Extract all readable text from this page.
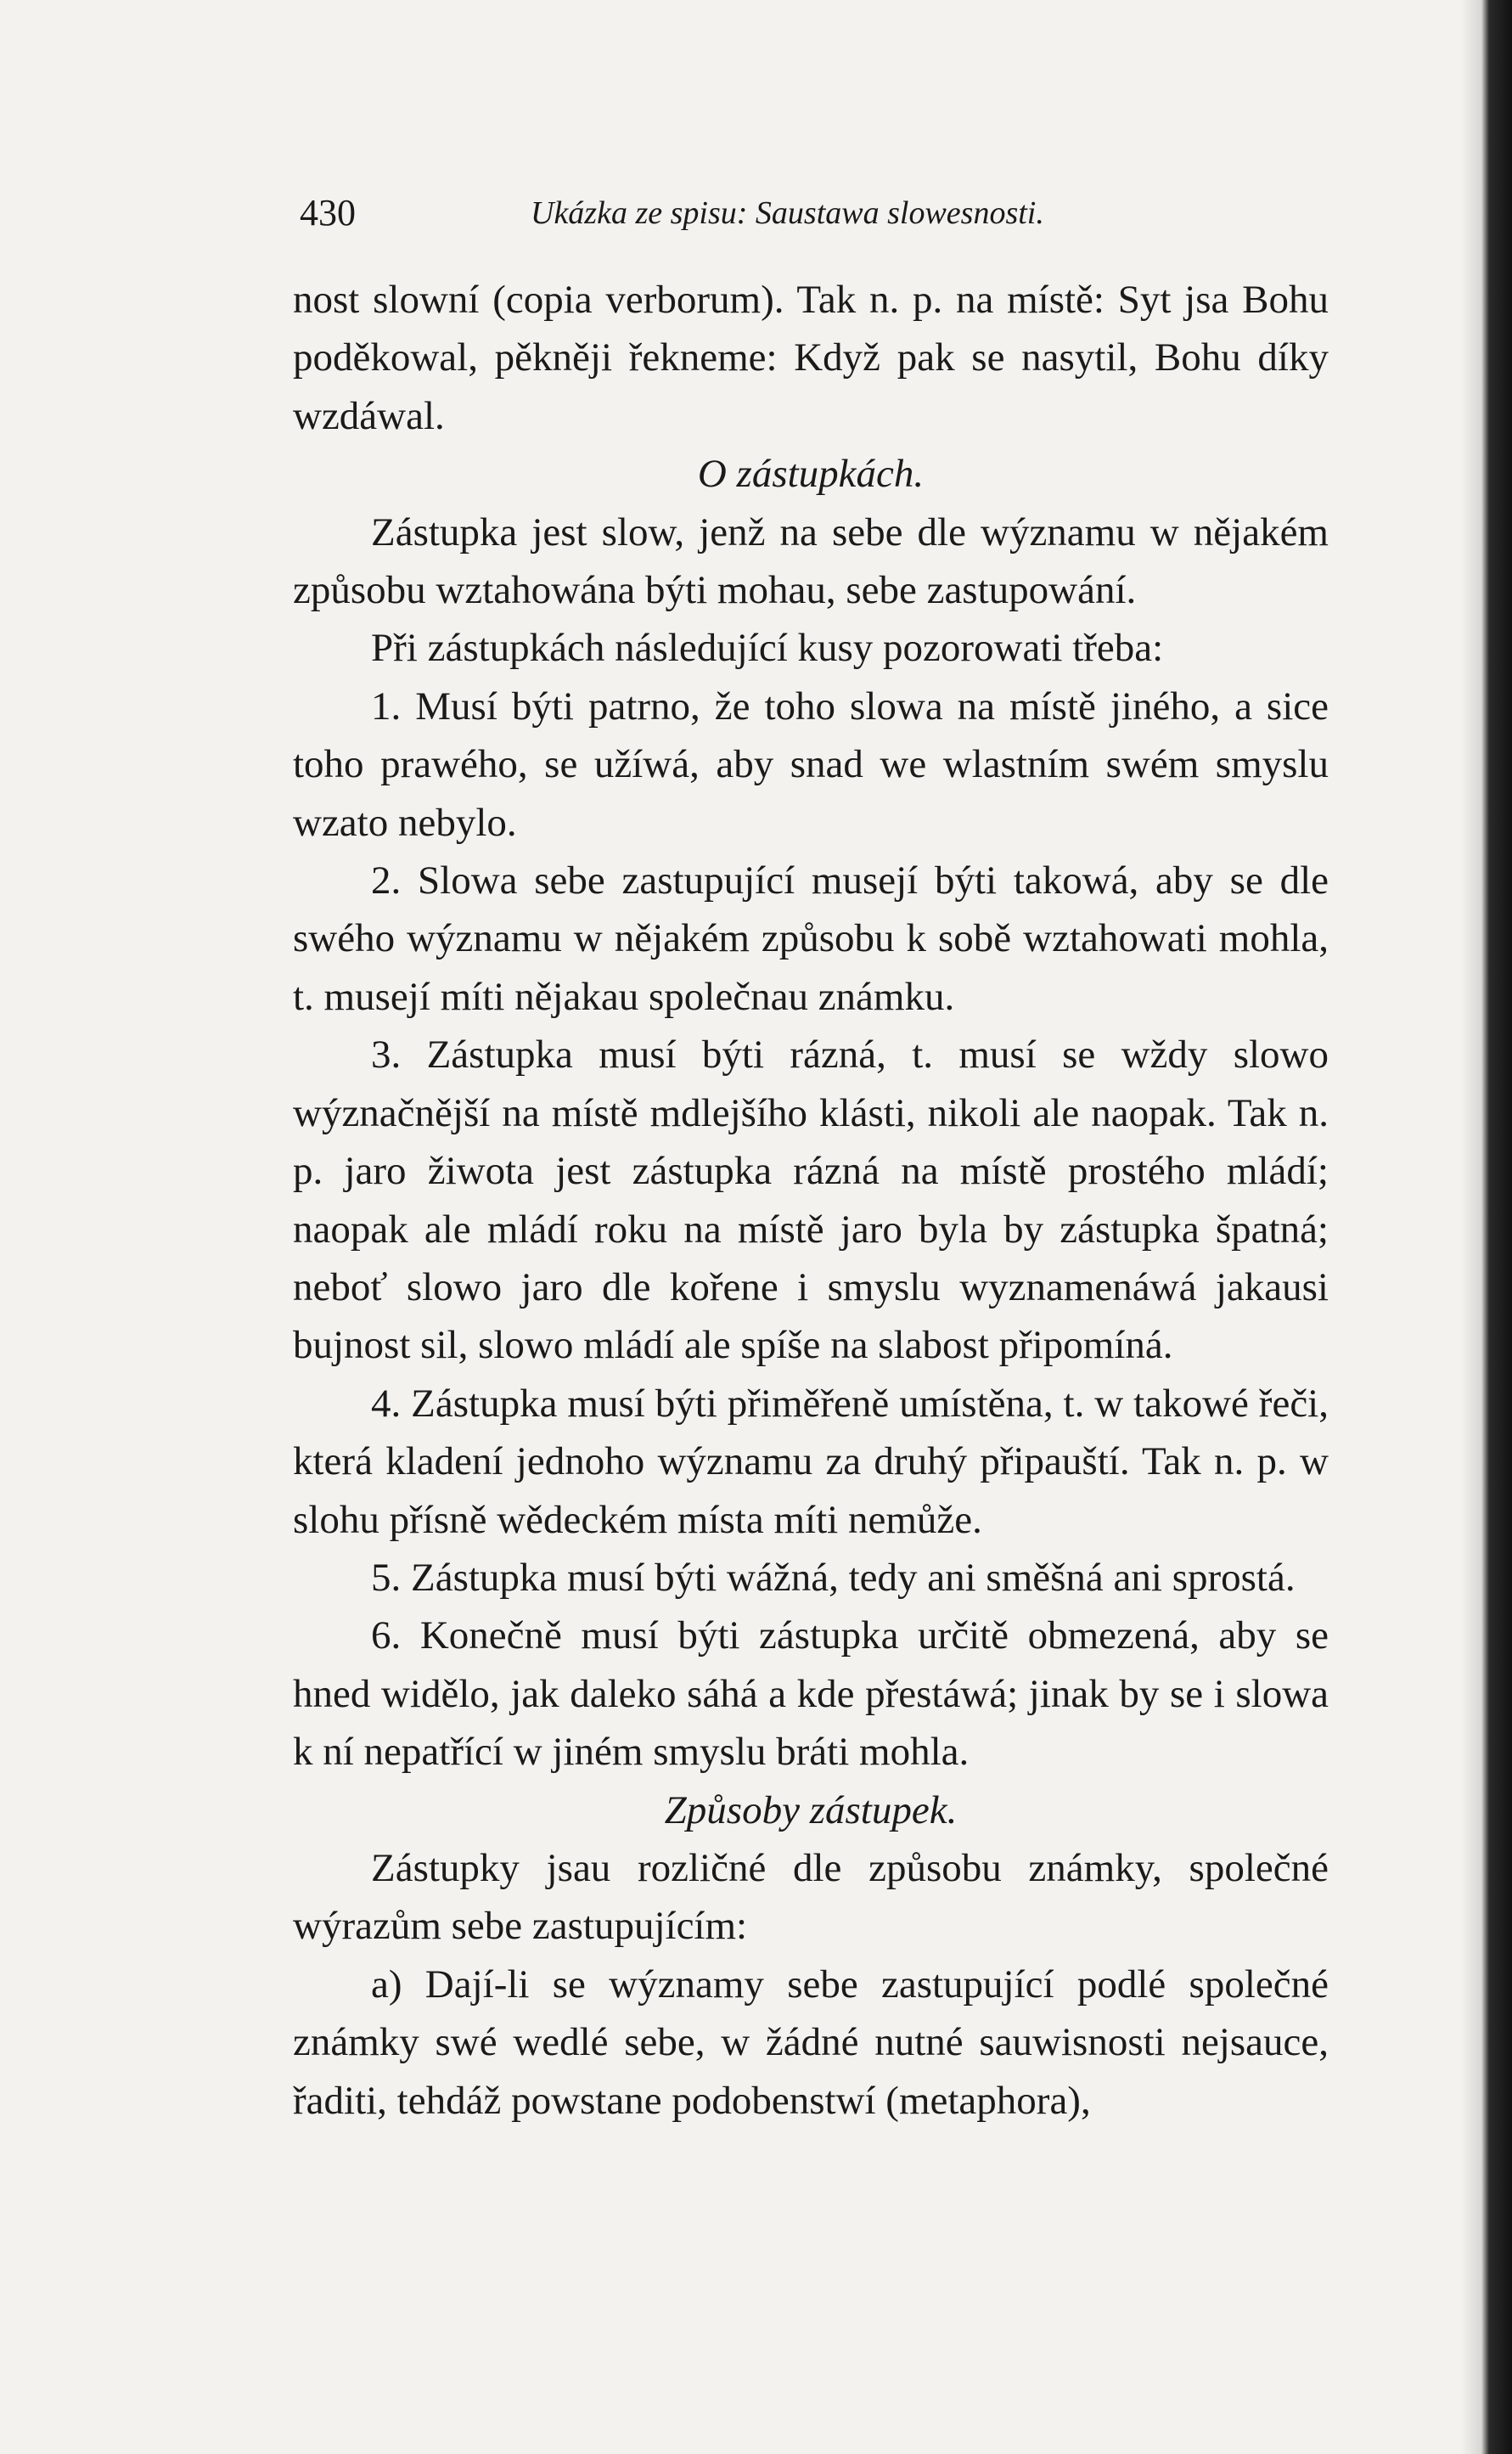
430	Ukázka ze spisu: Saustawa slowesnosti.

nost slowní (copia verborum). Tak n. p. na místě: Syt jsa Bohu poděkowal, pěkněji řekneme: Když pak se nasytil, Bohu díky wzdáwal.

O zástupkách.

Zástupka jest slow, jenž na sebe dle wýznamu w nějakém způsobu wztahowána býti mohau, sebe zastupowání.

Při zástupkách následující kusy pozorowati třeba:

1. Musí býti patrno, že toho slowa na místě jiného, a sice toho prawého, se užíwá, aby snad we wlastním swém smyslu wzato nebylo.

2. Slowa sebe zastupující musejí býti takowá, aby se dle swého wýznamu w nějakém způsobu k sobě wztahowati mohla, t. musejí míti nějakau společnau známku.

3. Zástupka musí býti rázná, t. musí se wždy slowo wýznačnější na místě mdlejšího klásti, nikoli ale naopak. Tak n. p. jaro žiwota jest zástupka rázná na místě prostého mládí; naopak ale mládí roku na místě jaro byla by zástupka špatná; neboť slowo jaro dle kořene i smyslu wyznamenáwá jakausi bujnost sil, slowo mládí ale spíše na slabost připomíná.

4. Zástupka musí býti přiměřeně umístěna, t. w takowé řeči, která kladení jednoho wýznamu za druhý připauští. Tak n. p. w slohu přísně wědeckém místa míti nemůže.

5. Zástupka musí býti wážná, tedy ani směšná ani sprostá.

6. Konečně musí býti zástupka určitě obmezená, aby se hned widělo, jak daleko sáhá a kde přestáwá; jinak by se i slowa k ní nepatřící w jiném smyslu bráti mohla.

Způsoby zástupek.

Zástupky jsau rozličné dle způsobu známky, společné wýrazům sebe zastupujícím:

a) Dají-li se wýznamy sebe zastupující podlé společné známky swé wedlé sebe, w žádné nutné sauwisnosti nejsauce, řaditi, tehdáž powstane podobenstwí (metaphora),
